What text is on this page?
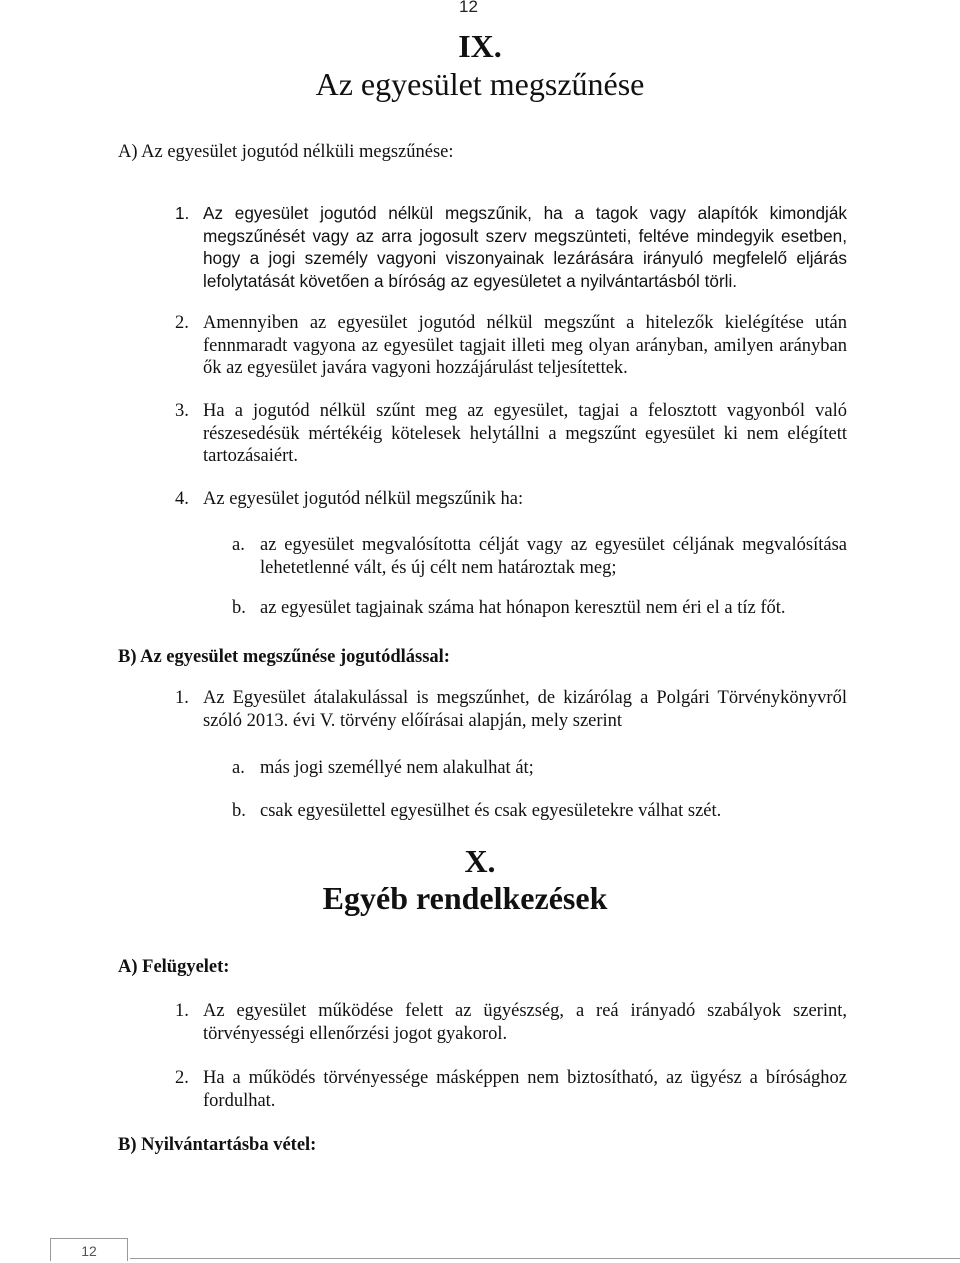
12
IX.
Az egyesület megszűnése
A) Az egyesület jogutód nélküli megszűnése:
1. Az egyesület jogutód nélkül megszűnik, ha a tagok vagy alapítók kimondják megszűnését vagy az arra jogosult szerv megszünteti, feltéve mindegyik esetben, hogy a jogi személy vagyoni viszonyainak lezárására irányuló megfelelő eljárás lefolytatását követően a bíróság az egyesületet a nyilvántartásból törli.
2. Amennyiben az egyesület jogutód nélkül megszűnt a hitelezők kielégítése után fennmaradt vagyona az egyesület tagjait illeti meg olyan arányban, amilyen arányban ők az egyesület javára vagyoni hozzájárulást teljesítettek.
3. Ha a jogutód nélkül szűnt meg az egyesület, tagjai a felosztott vagyonból való részesedésük mértékéig kötelesek helytállni a megszűnt egyesület ki nem elégített tartozásaiért.
4. Az egyesület jogutód nélkül megszűnik ha:
a. az egyesület megvalósította célját vagy az egyesület céljának megvalósítása lehetetlenné vált, és új célt nem határoztak meg;
b. az egyesület tagjainak száma hat hónapon keresztül nem éri el a tíz főt.
B) Az egyesület megszűnése jogutódlással:
1. Az Egyesület átalakulással is megszűnhet, de kizárólag a Polgári Törvénykönyvről szóló 2013. évi V. törvény előírásai alapján, mely szerint
a. más jogi személlyé nem alakulhat át;
b. csak egyesülettel egyesülhet és csak egyesületekre válhat szét.
X.
Egyéb rendelkezések
A) Felügyelet:
1. Az egyesület működése felett az ügyészség, a reá irányadó szabályok szerint, törvényességi ellenőrzési jogot gyakorol.
2. Ha a működés törvényessége másképpen nem biztosítható, az ügyész a bírósághoz fordulhat.
B) Nyilvántartásba vétel:
12
